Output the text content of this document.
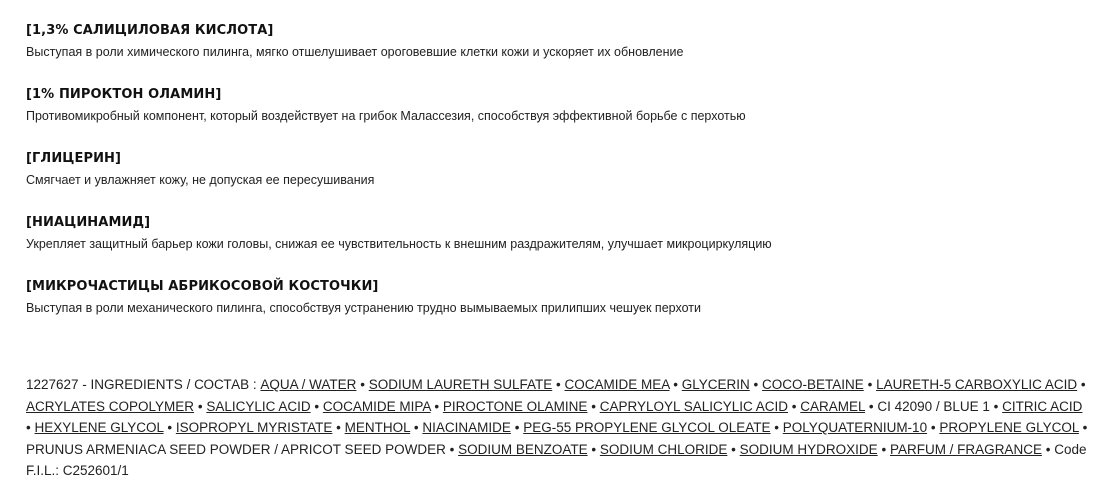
[1,3% САЛИЦИЛОВАЯ КИСЛОТА]
Выступая в роли химического пилинга, мягко отшелушивает ороговевшие клетки кожи и ускоряет их обновление
[1% ПИРОКТОН ОЛАМИН]
Противомикробный компонент, который воздействует на грибок Малассезия, способствуя эффективной борьбе с перхотью
[ГЛИЦЕРИН]
Смягчает и увлажняет кожу, не допуская ее пересушивания
[НИАЦИНАМИД]
Укрепляет защитный барьер кожи головы, снижая ее чувствительность к внешним раздражителям, улучшает микроциркуляцию
[МИКРОЧАСТИЦЫ АБРИКОСОВОЙ КОСТОЧКИ]
Выступая в роли механического пилинга, способствуя устранению трудно вымываемых прилипших чешуек перхоти
1227627 - INGREDIENTS / СОСТАВ : AQUA / WATER • SODIUM LAURETH SULFATE • COCAMIDE MEA • GLYCERIN • COCO-BETAINE • LAURETH-5 CARBOXYLIC ACID • ACRYLATES COPOLYMER • SALICYLIC ACID • COCAMIDE MIPA • PIROCTONE OLAMINE • CAPRYLOYL SALICYLIC ACID • CARAMEL • CI 42090 / BLUE 1 • CITRIC ACID • HEXYLENE GLYCOL • ISOPROPYL MYRISTATE • MENTHOL • NIACINAMIDE • PEG-55 PROPYLENE GLYCOL OLEATE • POLYQUATERNIUM-10 • PROPYLENE GLYCOL • PRUNUS ARMENIACA SEED POWDER / APRICOT SEED POWDER • SODIUM BENZOATE • SODIUM CHLORIDE • SODIUM HYDROXIDE • PARFUM / FRAGRANCE • Code F.I.L.: C252601/1
